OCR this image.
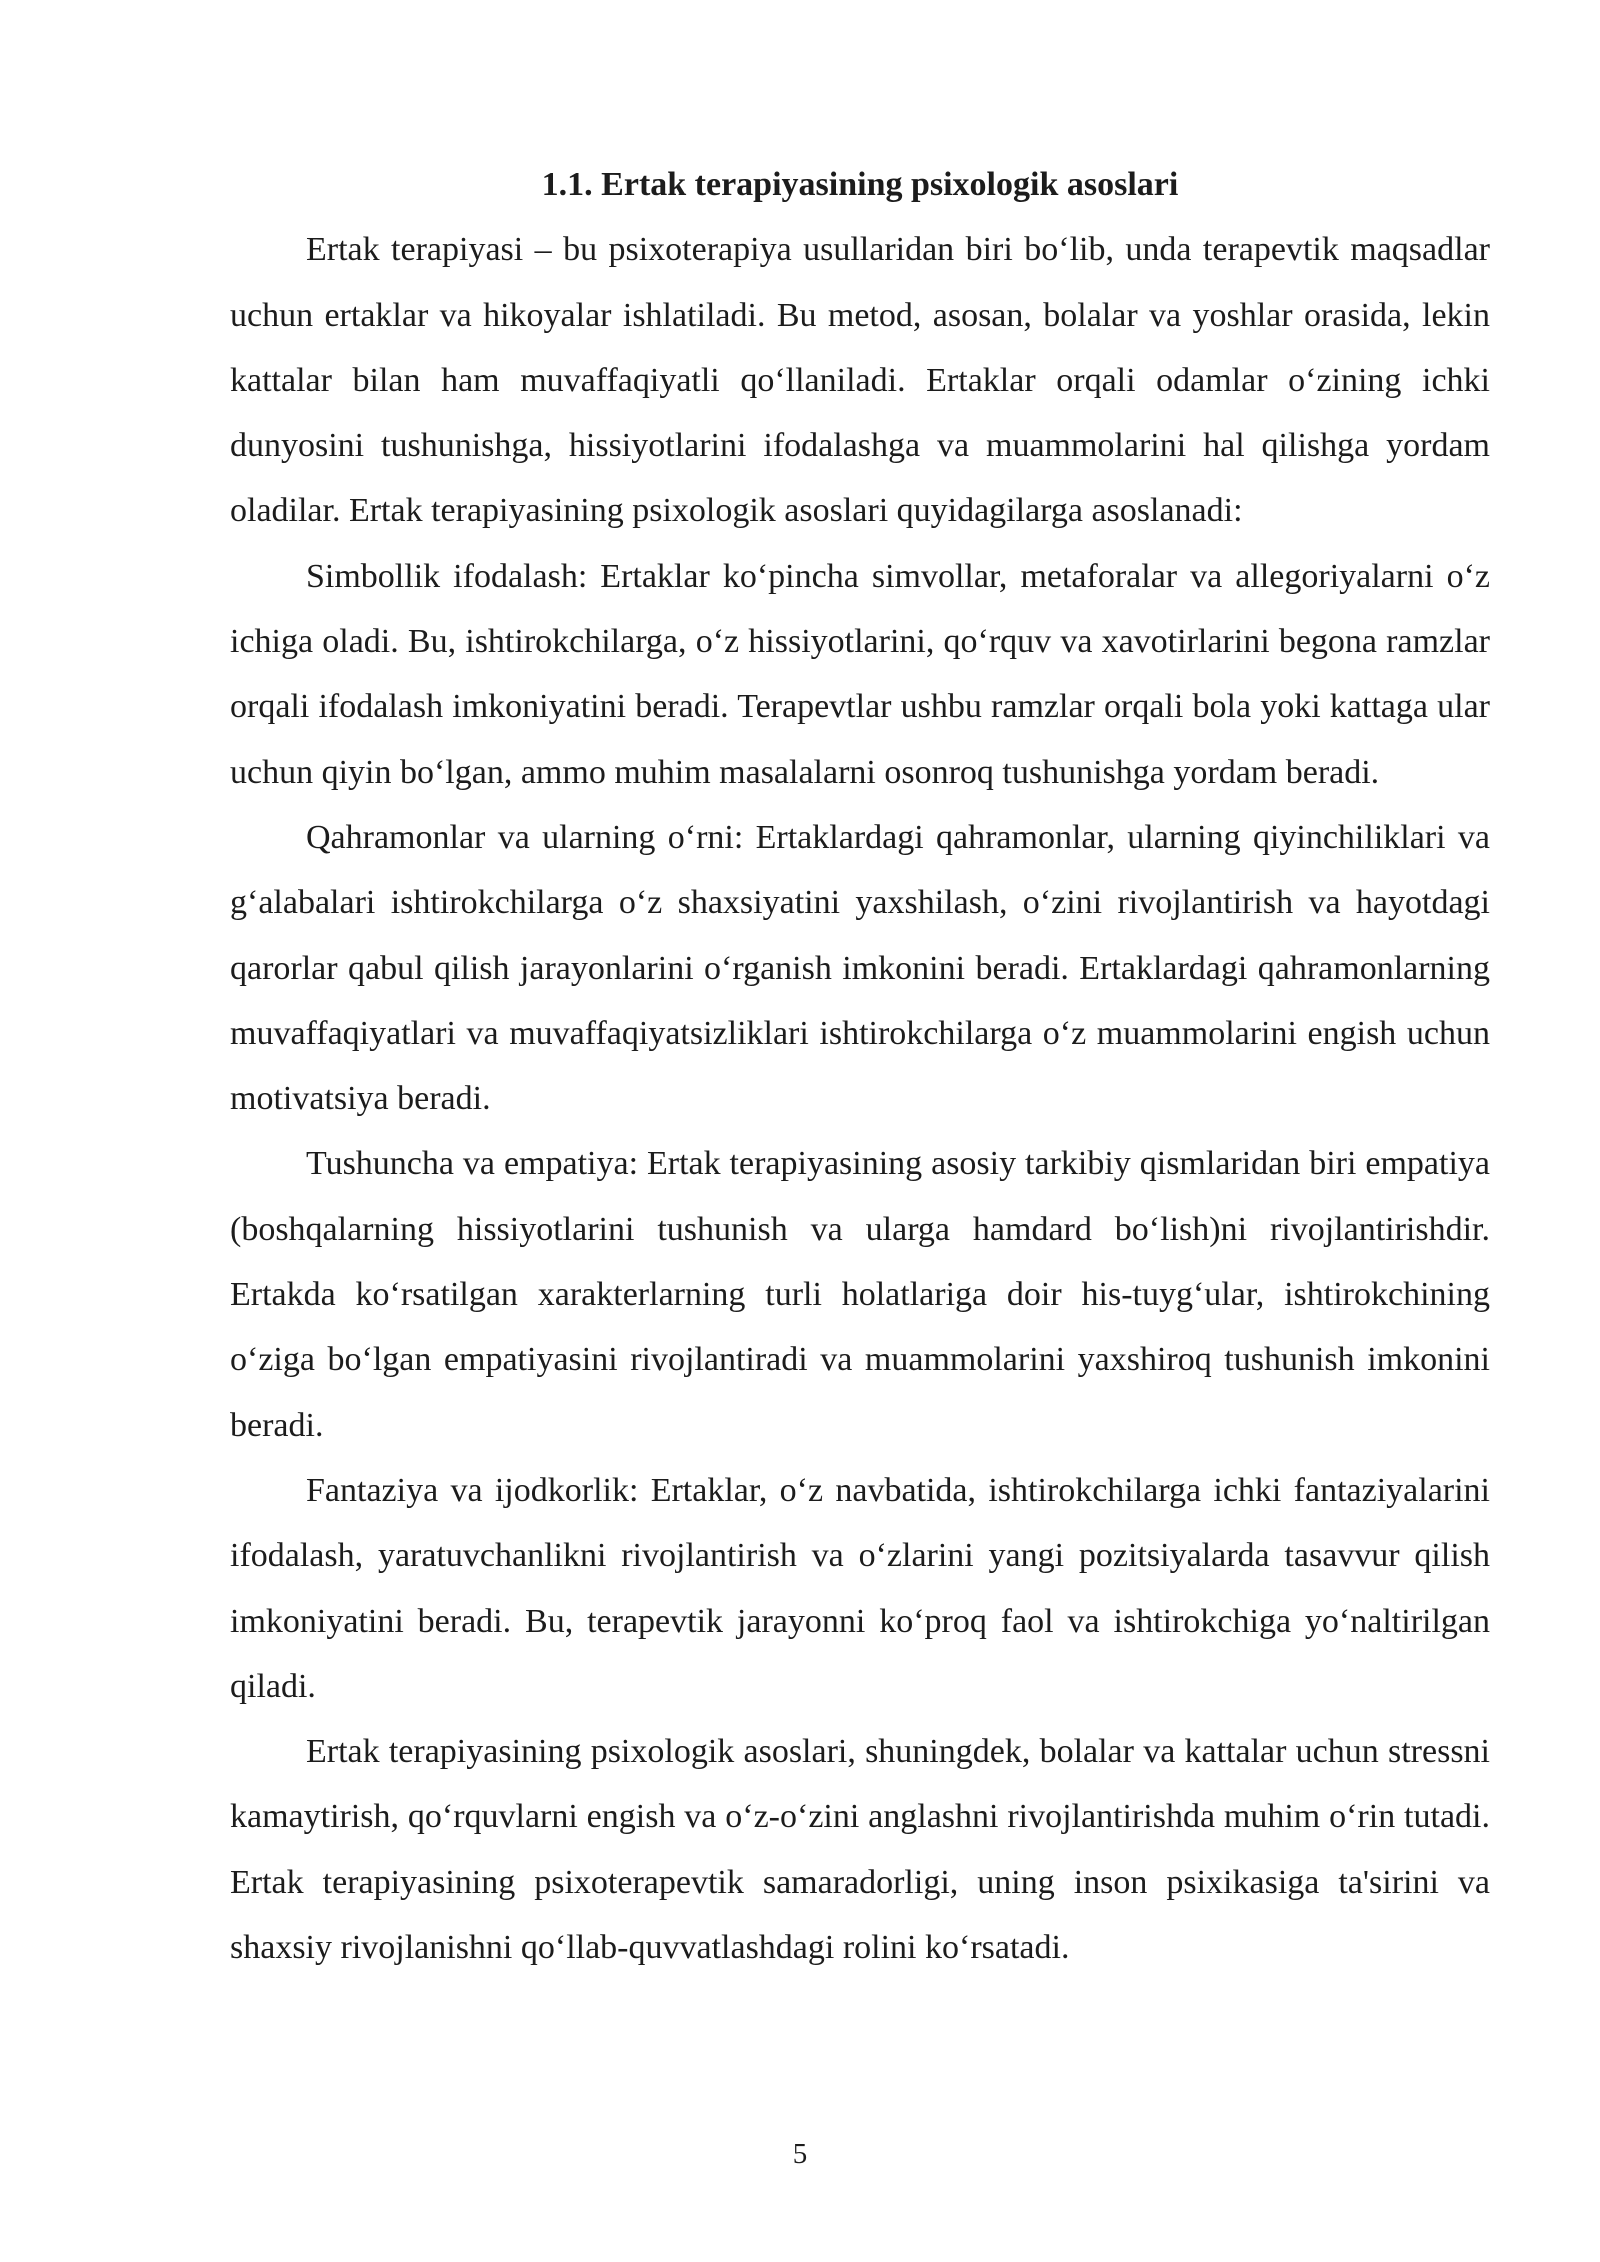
1.1. Ertak terapiyasining psixologik asoslari

Ertak terapiyasi – bu psixoterapiya usullaridan biri bo‘lib, unda terapevtik maqsadlar uchun ertaklar va hikoyalar ishlatiladi. Bu metod, asosan, bolalar va yoshlar orasida, lekin kattalar bilan ham muvaffaqiyatli qo‘llaniladi. Ertaklar orqali odamlar o‘zining ichki dunyosini tushunishga, hissiyotlarini ifodalashga va muammolarini hal qilishga yordam oladilar. Ertak terapiyasining psixologik asoslari quyidagilarga asoslanadi:

Simbollik ifodalash: Ertaklar ko‘pincha simvollar, metaforalar va allegoriyalarni o‘z ichiga oladi. Bu, ishtirokchilarga, o‘z hissiyotlarini, qo‘rquv va xavotirlarini begona ramzlar orqali ifodalash imkoniyatini beradi. Terapevtlar ushbu ramzlar orqali bola yoki kattaga ular uchun qiyin bo‘lgan, ammo muhim masalalarni osonroq tushunishga yordam beradi.

Qahramonlar va ularning o‘rni: Ertaklardagi qahramonlar, ularning qiyinchiliklari va g‘alabalari ishtirokchilarga o‘z shaxsiyatini yaxshilash, o‘zini rivojlantirish va hayotdagi qarorlar qabul qilish jarayonlarini o‘rganish imkonini beradi. Ertaklardagi qahramonlarning muvaffaqiyatlari va muvaffaqiyatsizliklari ishtirokchilarga o‘z muammolarini engish uchun motivatsiya beradi.

Tushuncha va empatiya: Ertak terapiyasining asosiy tarkibiy qismlaridan biri empatiya (boshqalarning hissiyotlarini tushunish va ularga hamdard bo‘lish)ni rivojlantirishdir. Ertakda ko‘rsatilgan xarakterlarning turli holatlariga doir his-tuyg‘ular, ishtirokchining o‘ziga bo‘lgan empatiyasini rivojlantiradi va muammolarini yaxshiroq tushunish imkonini beradi.

Fantaziya va ijodkorlik: Ertaklar, o‘z navbatida, ishtirokchilarga ichki fantaziyalarini ifodalash, yaratuvchanlikni rivojlantirish va o‘zlarini yangi pozitsiyalarda tasavvur qilish imkoniyatini beradi. Bu, terapevtik jarayonni ko‘proq faol va ishtirokchiga yo‘naltirilgan qiladi.

Ertak terapiyasining psixologik asoslari, shuningdek, bolalar va kattalar uchun stressni kamaytirish, qo‘rquvlarni engish va o‘z-o‘zini anglashni rivojlantirishda muhim o‘rin tutadi. Ertak terapiyasining psixoterapevtik samaradorligi, uning inson psixikasiga ta'sirini va shaxsiy rivojlanishni qo‘llab-quvvatlashdagi rolini ko‘rsatadi.

5
